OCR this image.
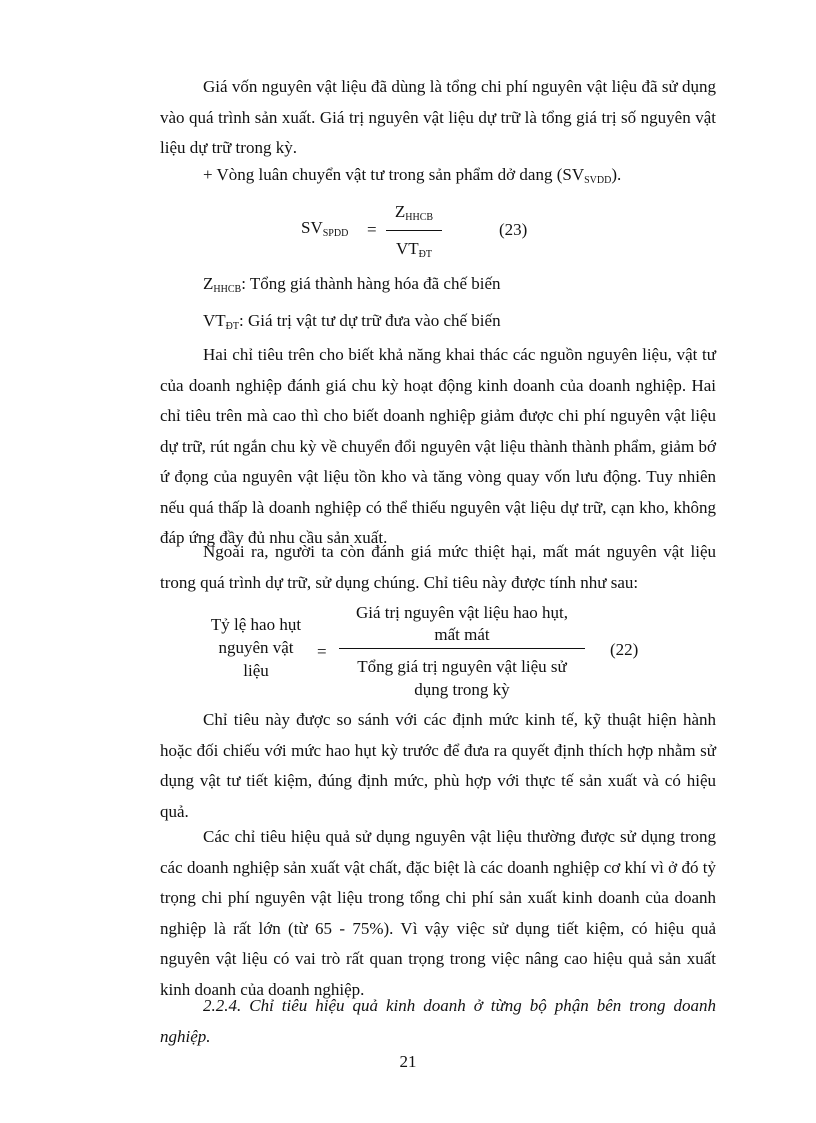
Giá vốn nguyên vật liệu đã dùng là tổng chi phí nguyên vật liệu đã sử dụng vào quá trình sản xuất. Giá trị nguyên vật liệu dự trữ là tổng giá trị số nguyên vật liệu dự trữ trong kỳ.

+ Vòng luân chuyển vật tư trong sản phẩm dở dang $(SV_{SVDD})$.

$SV_{SPDD}$ =
$Z_{HHCB}$
$VT_{ĐT}$
(23)

$Z_{HHCB}$: Tổng giá thành hàng hóa đã chế biến

$VT_{ĐT}$: Giá trị vật tư dự trữ đưa vào chế biến

Hai chỉ tiêu trên cho biết khả năng khai thác các nguồn nguyên liệu, vật tư của doanh nghiệp đánh giá chu kỳ hoạt động kinh doanh của doanh nghiệp. Hai chỉ tiêu trên mà cao thì cho biết doanh nghiệp giảm được chi phí nguyên vật liệu dự trữ, rút ngắn chu kỳ về chuyển đổi nguyên vật liệu thành thành phẩm, giảm bớ ứ đọng của nguyên vật liệu tồn kho và tăng vòng quay vốn lưu động. Tuy nhiên nếu quá thấp là doanh nghiệp có thể thiếu nguyên vật liệu dự trữ, cạn kho, không đáp ứng đầy đủ nhu cầu sản xuất.

Ngoài ra, người ta còn đánh giá mức thiệt hại, mất mát nguyên vật liệu trong quá trình dự trữ, sử dụng chúng. Chỉ tiêu này được tính như sau:

Tỷ lệ hao hụt
nguyên vật
liệu
=
Giá trị nguyên vật liệu hao hụt,
mất mát
Tổng giá trị nguyên vật liệu sử
dụng trong kỳ
(22)

Chỉ tiêu này được so sánh với các định mức kinh tế, kỹ thuật hiện hành hoặc đối chiếu với mức hao hụt kỳ trước để đưa ra quyết định thích hợp nhằm sử dụng vật tư tiết kiệm, đúng định mức, phù hợp với thực tế sản xuất và có hiệu quả.

Các chỉ tiêu hiệu quả sử dụng nguyên vật liệu thường được sử dụng trong các doanh nghiệp sản xuất vật chất, đặc biệt là các doanh nghiệp cơ khí vì ở đó tỷ trọng chi phí nguyên vật liệu trong tổng chi phí sản xuất kinh doanh của doanh nghiệp là rất lớn (từ 65 - 75%). Vì vậy việc sử dụng tiết kiệm, có hiệu quả nguyên vật liệu có vai trò rất quan trọng trong việc nâng cao hiệu quả sản xuất kinh doanh của doanh nghiệp.

2.2.4. Chỉ tiêu hiệu quả kinh doanh ở từng bộ phận bên trong doanh nghiệp.

21
